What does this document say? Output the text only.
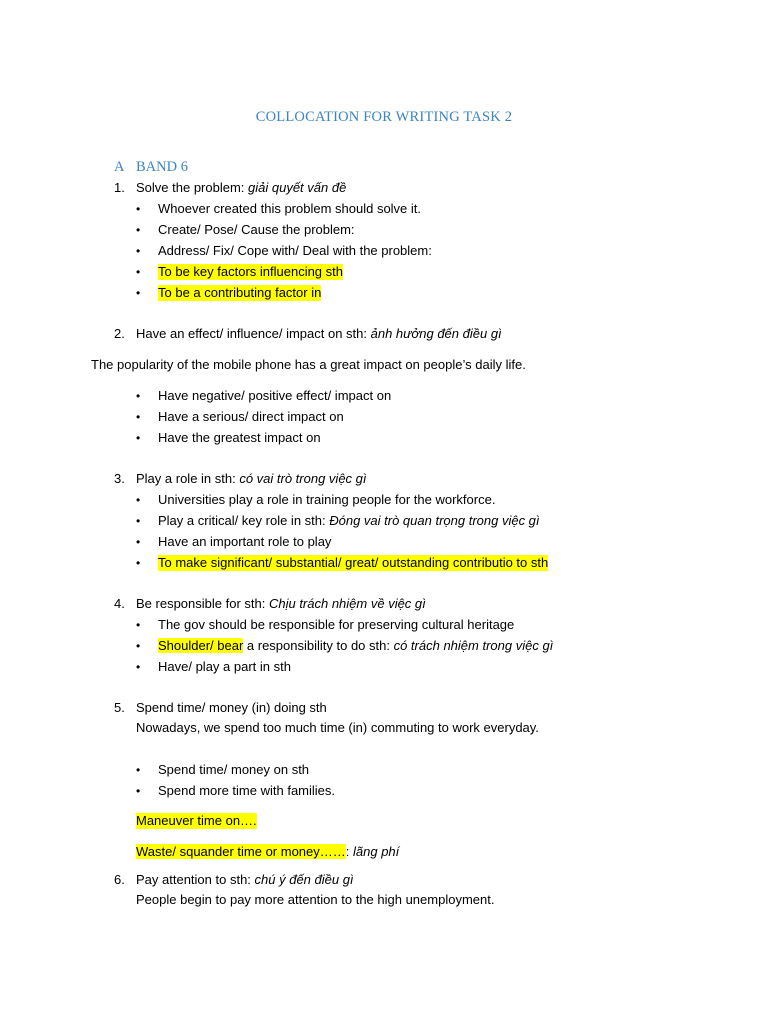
COLLOCATION FOR WRITING TASK 2
A BAND 6
1. Solve the problem: giải quyết vấn đề
• Whoever created this problem should solve it.
• Create/ Pose/ Cause the problem:
• Address/ Fix/ Cope with/ Deal with the problem:
• To be key factors influencing sth
• To be a contributing factor in
2. Have an effect/ influence/ impact on sth: ảnh hưởng đến điều gì
The popularity of the mobile phone has a great impact on people’s daily life.
• Have negative/ positive effect/ impact on
• Have a serious/ direct impact on
• Have the greatest impact on
3. Play a role in sth: có vai trò trong việc gì
• Universities play a role in training people for the workforce.
• Play a critical/ key role in sth: Đóng vai trò quan trọng trong việc gì
• Have an important role to play
• To make significant/ substantial/ great/ outstanding contributio to sth
4. Be responsible for sth: Chịu trách nhiệm về việc gì
• The gov should be responsible for preserving cultural heritage
• Shoulder/ bear a responsibility to do sth: có trách nhiệm trong việc gì
• Have/ play a part in sth
5. Spend time/ money (in) doing sth
Nowadays, we spend too much time (in) commuting to work everyday.
• Spend time/ money on sth
• Spend more time with families.
Maneuver time on….
Waste/ squander time or money……: lãng phí
6. Pay attention to sth: chú ý đến điều gì
People begin to pay more attention to the high unemployment.
